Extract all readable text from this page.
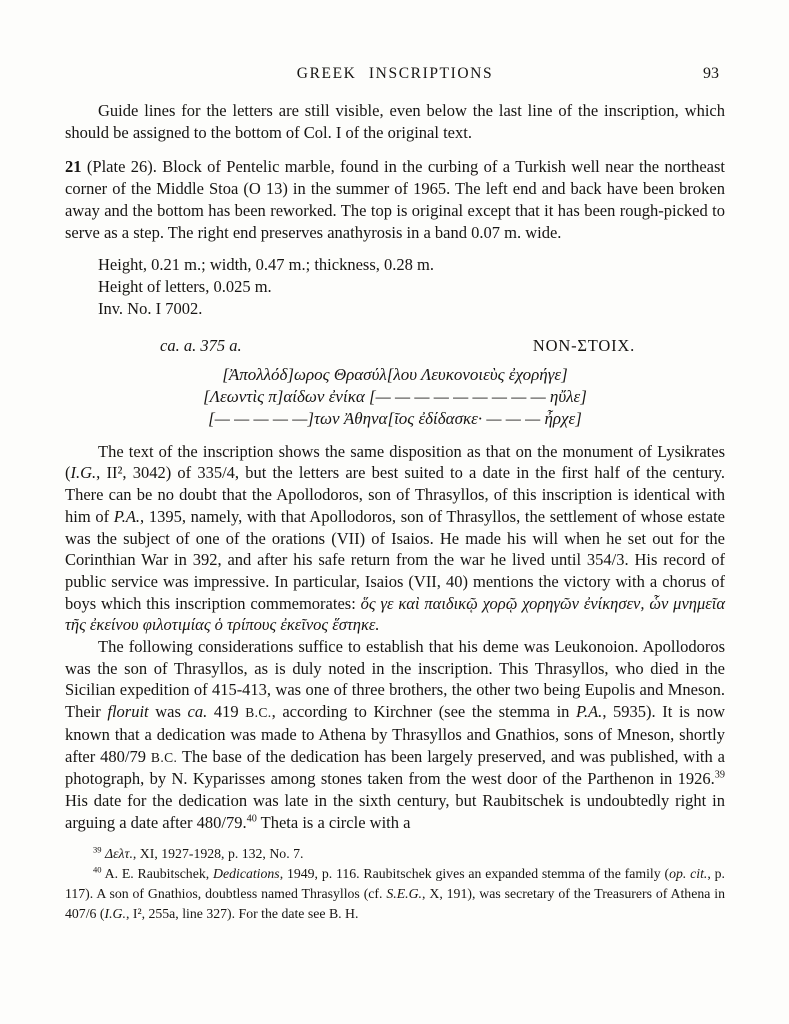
GREEK INSCRIPTIONS	93

Guide lines for the letters are still visible, even below the last line of the inscription, which should be assigned to the bottom of Col. I of the original text.

21 (Plate 26). Block of Pentelic marble, found in the curbing of a Turkish well near the northeast corner of the Middle Stoa (O 13) in the summer of 1965. The left end and back have been broken away and the bottom has been reworked. The top is original except that it has been rough-picked to serve as a step. The right end preserves anathyrosis in a band 0.07 m. wide.

Height, 0.21 m.; width, 0.47 m.; thickness, 0.28 m.
Height of letters, 0.025 m.
Inv. No. I 7002.
ca. a. 375 a.	NON-ΣΤΟΙΧ.
[Ἀπολλόδ]ωρος Θρασύλ[λου Λευκονοιεὺς ἐχορήγε]
[Λεωντὶς π]αίδων ἐνίκα [— — — — — — — — — ηὔλε]
[— — — — —]των Ἀθηνα[ῖος ἐδίδασκε· — — — ἦρχε]

The text of the inscription shows the same disposition as that on the monument of Lysikrates (I.G., II², 3042) of 335/4, but the letters are best suited to a date in the first half of the century. There can be no doubt that the Apollodoros, son of Thrasyllos, of this inscription is identical with him of P.A., 1395, namely, with that Apollodoros, son of Thrasyllos, the settlement of whose estate was the subject of one of the orations (VII) of Isaios. He made his will when he set out for the Corinthian War in 392, and after his safe return from the war he lived until 354/3. His record of public service was impressive. In particular, Isaios (VII, 40) mentions the victory with a chorus of boys which this inscription commemorates: ὅς γε καὶ παιδικῷ χορῷ χορηγῶν ἐνίκησεν, ὧν μνημεῖα τῆς ἐκείνου φιλοτιμίας ὁ τρίπους ἐκεῖνος ἕστηκε.

The following considerations suffice to establish that his deme was Leukonoion. Apollodoros was the son of Thrasyllos, as is duly noted in the inscription. This Thrasyllos, who died in the Sicilian expedition of 415-413, was one of three brothers, the other two being Eupolis and Mneson. Their floruit was ca. 419 B.C., according to Kirchner (see the stemma in P.A., 5935). It is now known that a dedication was made to Athena by Thrasyllos and Gnathios, sons of Mneson, shortly after 480/79 B.C. The base of the dedication has been largely preserved, and was published, with a photograph, by N. Kyparisses among stones taken from the west door of the Parthenon in 1926.39 His date for the dedication was late in the sixth century, but Raubitschek is undoubtedly right in arguing a date after 480/79.40 Theta is a circle with a

$^{39}$ Δελτ., XI, 1927-1928, p. 132, No. 7.

$^{40}$ A. E. Raubitschek, Dedications, 1949, p. 116. Raubitschek gives an expanded stemma of the family (op. cit., p. 117). A son of Gnathios, doubtless named Thrasyllos (cf. S.E.G., X, 191), was secretary of the Treasurers of Athena in 407/6 (I.G., I², 255a, line 327). For the date see B. H.
